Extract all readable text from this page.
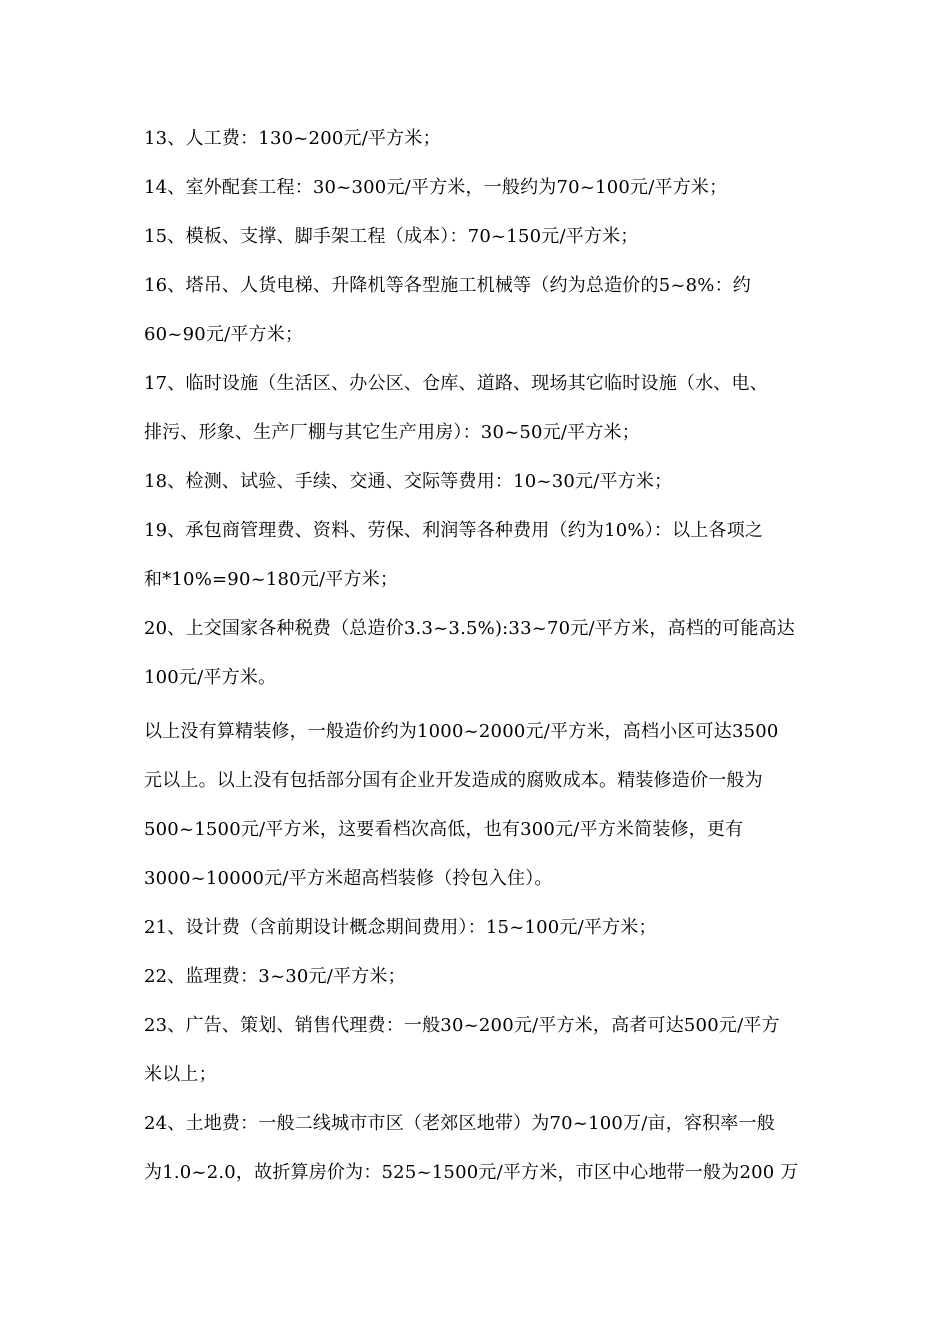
13、人工费：130~200元/平方米；
14、室外配套工程：30~300元/平方米，一般约为70~100元/平方米；
15、模板、支撑、脚手架工程（成本）：70~150元/平方米；
16、塔吊、人货电梯、升降机等各型施工机械等（约为总造价的5~8%：约
60~90元/平方米；
17、临时设施（生活区、办公区、仓库、道路、现场其它临时设施（水、电、
排污、形象、生产厂棚与其它生产用房）：30~50元/平方米；
18、检测、试验、手续、交通、交际等费用：10~30元/平方米；
19、承包商管理费、资料、劳保、利润等各种费用（约为10%）：以上各项之
和*10%=90~180元/平方米；
20、上交国家各种税费（总造价3.3~3.5%):33~70元/平方米，高档的可能高达
100元/平方米。
以上没有算精装修，一般造价约为1000~2000元/平方米，高档小区可达3500
元以上。以上没有包括部分国有企业开发造成的腐败成本。精装修造价一般为
500~1500元/平方米，这要看档次高低，也有300元/平方米简装修，更有
3000~10000元/平方米超高档装修（拎包入住）。
21、设计费（含前期设计概念期间费用）：15~100元/平方米；
22、监理费：3~30元/平方米；
23、广告、策划、销售代理费：一般30~200元/平方米，高者可达500元/平方
米以上；
24、土地费：一般二线城市市区（老郊区地带）为70~100万/亩，容积率一般
为1.0~2.0，故折算房价为：525~1500元/平方米，市区中心地带一般为200 万
